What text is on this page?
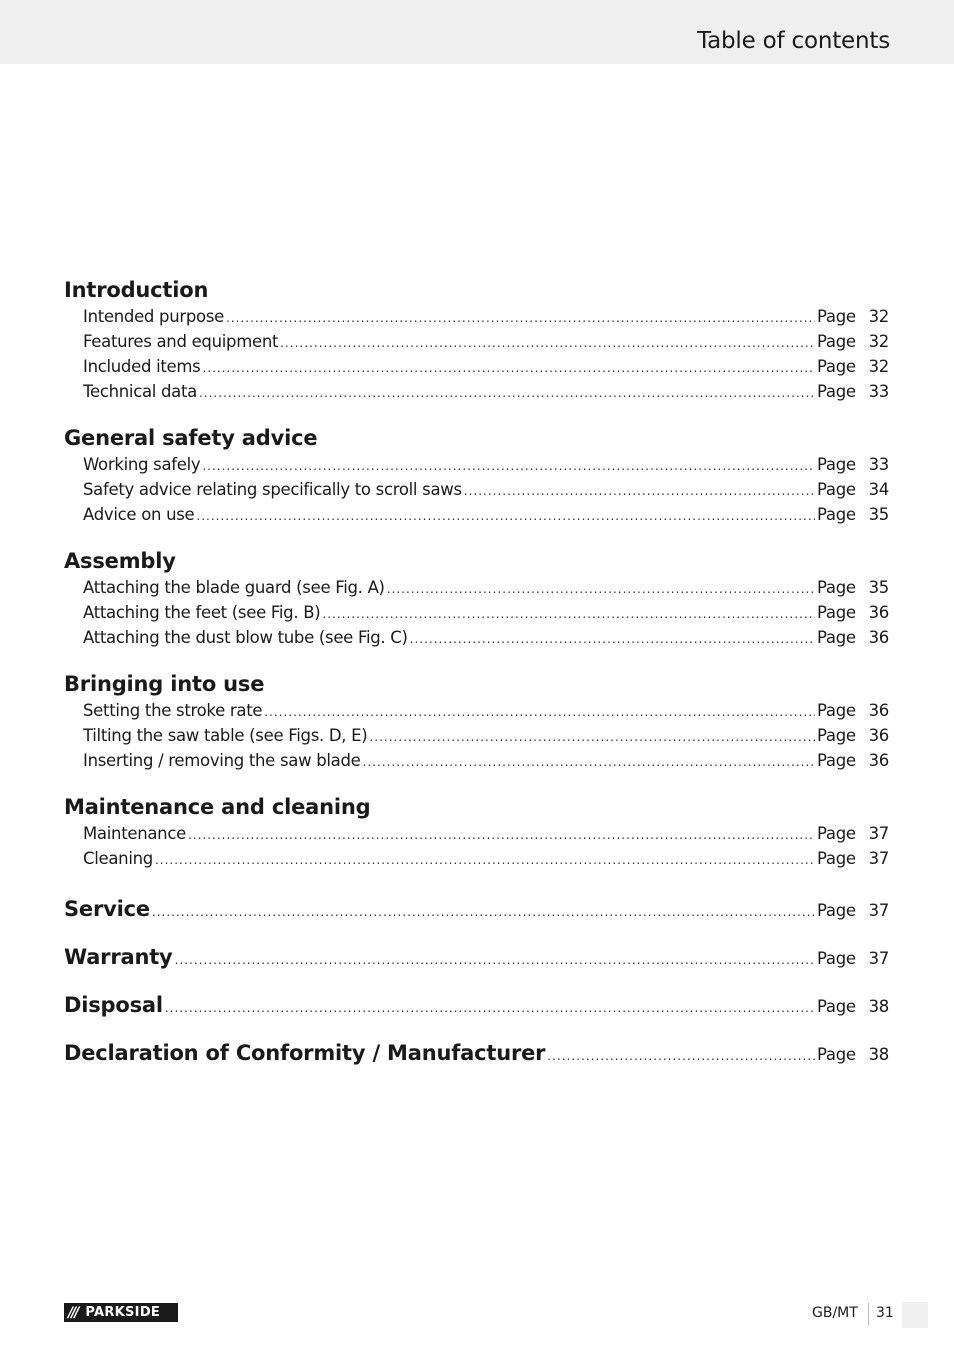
Table of contents
Introduction
Intended purpose .....	Page 32
Features and equipment .....	Page 32
Included items .....	Page 32
Technical data .....	Page 33
General safety advice
Working safely .....	Page 33
Safety advice relating specifically to scroll saws .....	Page 34
Advice on use .....	Page 35
Assembly
Attaching the blade guard (see Fig. A) .....	Page 35
Attaching the feet (see Fig. B) .....	Page 36
Attaching the dust blow tube (see Fig. C) .....	Page 36
Bringing into use
Setting the stroke rate .....	Page 36
Tilting the saw table (see Figs. D, E) .....	Page 36
Inserting / removing the saw blade .....	Page 36
Maintenance and cleaning
Maintenance .....	Page 37
Cleaning .....	Page 37
Service .....	Page 37
Warranty .....	Page 37
Disposal .....	Page 38
Declaration of Conformity / Manufacturer .....	Page 38
/// PARKSIDE	GB/MT 31
